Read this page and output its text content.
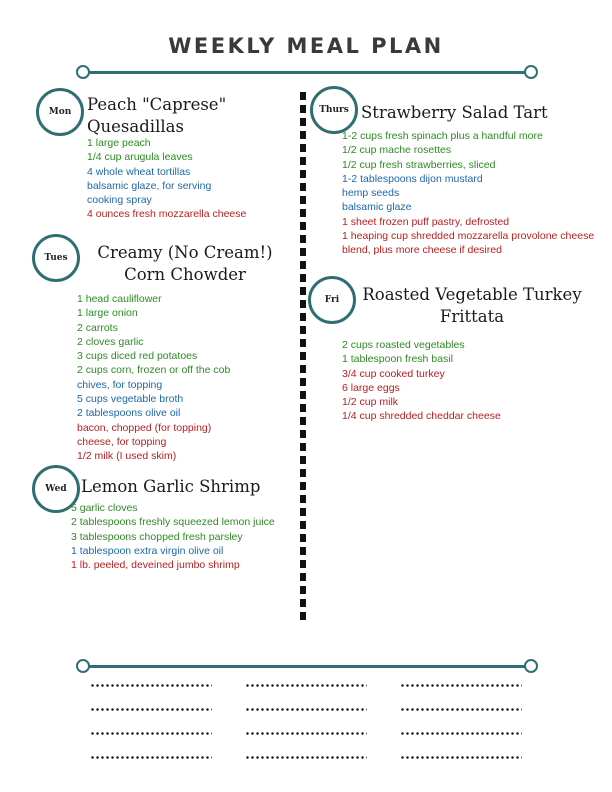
WEEKLY MEAL PLAN
Mon Peach "Caprese"
Quesadillas
1 large peach
1/4 cup arugula leaves
4 whole wheat tortillas
balsamic glaze, for serving
cooking spray
4 ounces fresh mozzarella cheese
Tues	Creamy (No Cream!)
Corn Chowder
1 head cauliflower
1 large onion
2 carrots
2 cloves garlic
3 cups diced red potatoes
2 cups corn, frozen or off the cob
chives, for topping
5 cups vegetable broth
2 tablespoons olive oil
bacon, chopped (for topping)
cheese, for topping
1/2 milk (I used skim)
Wed Lemon Garlic Shrimp
5 garlic cloves
2 tablespoons freshly squeezed lemon juice
3 tablespoons chopped fresh parsley
1 tablespoon extra virgin olive oil
1 lb. peeled, deveined jumbo shrimp
Thurs Strawberry Salad Tart
1-2 cups fresh spinach plus a handful more
1/2 cup mache rosettes
1/2 cup fresh strawberries, sliced
1-2 tablespoons dijon mustard
hemp seeds
balsamic glaze
1 sheet frozen puff pastry, defrosted
1 heaping cup shredded mozzarella provolone cheese
blend, plus more cheese if desired
Fri	Roasted Vegetable Turkey
Frittata
2 cups roasted vegetables
1 tablespoon fresh basil
3/4 cup cooked turkey
6 large eggs
1/2 cup milk
1/4 cup shredded cheddar cheese
